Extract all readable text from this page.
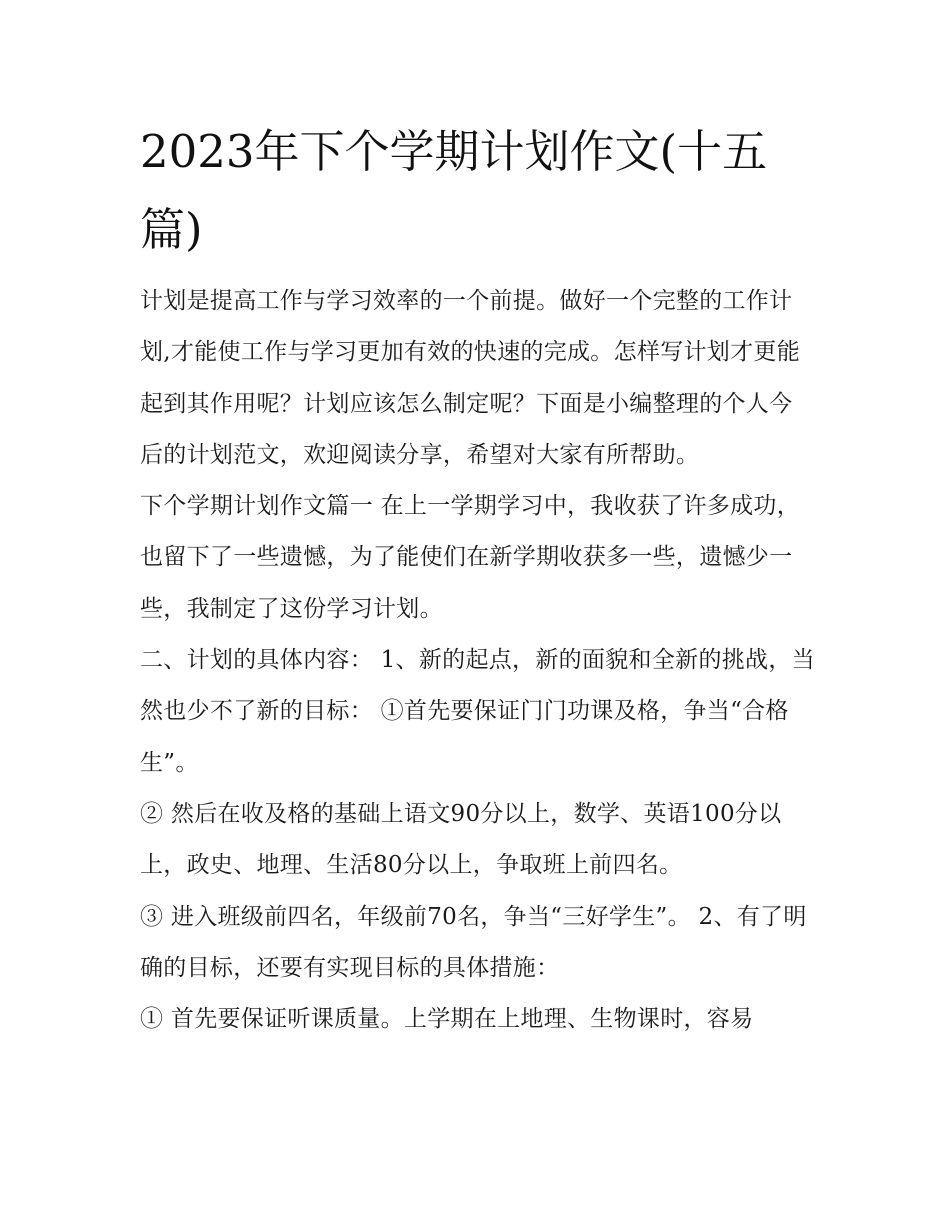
2023年下个学期计划作文(十五篇)

计划是提高工作与学习效率的一个前提。做好一个完整的工作计划,才能使工作与学习更加有效的快速的完成。怎样写计划才更能起到其作用呢？计划应该怎么制定呢？下面是小编整理的个人今后的计划范文，欢迎阅读分享，希望对大家有所帮助。

下个学期计划作文篇一 在上一学期学习中，我收获了许多成功，也留下了一些遗憾，为了能使们在新学期收获多一些，遗憾少一些，我制定了这份学习计划。

二、计划的具体内容： 1、新的起点，新的面貌和全新的挑战，当然也少不了新的目标： ①首先要保证门门功课及格，争当“合格生”。

② 然后在收及格的基础上语文90分以上，数学、英语100分以上，政史、地理、生活80分以上，争取班上前四名。

③ 进入班级前四名，年级前70名，争当“三好学生”。 2、有了明确的目标，还要有实现目标的具体措施：

① 首先要保证听课质量。上学期在上地理、生物课时，容易
